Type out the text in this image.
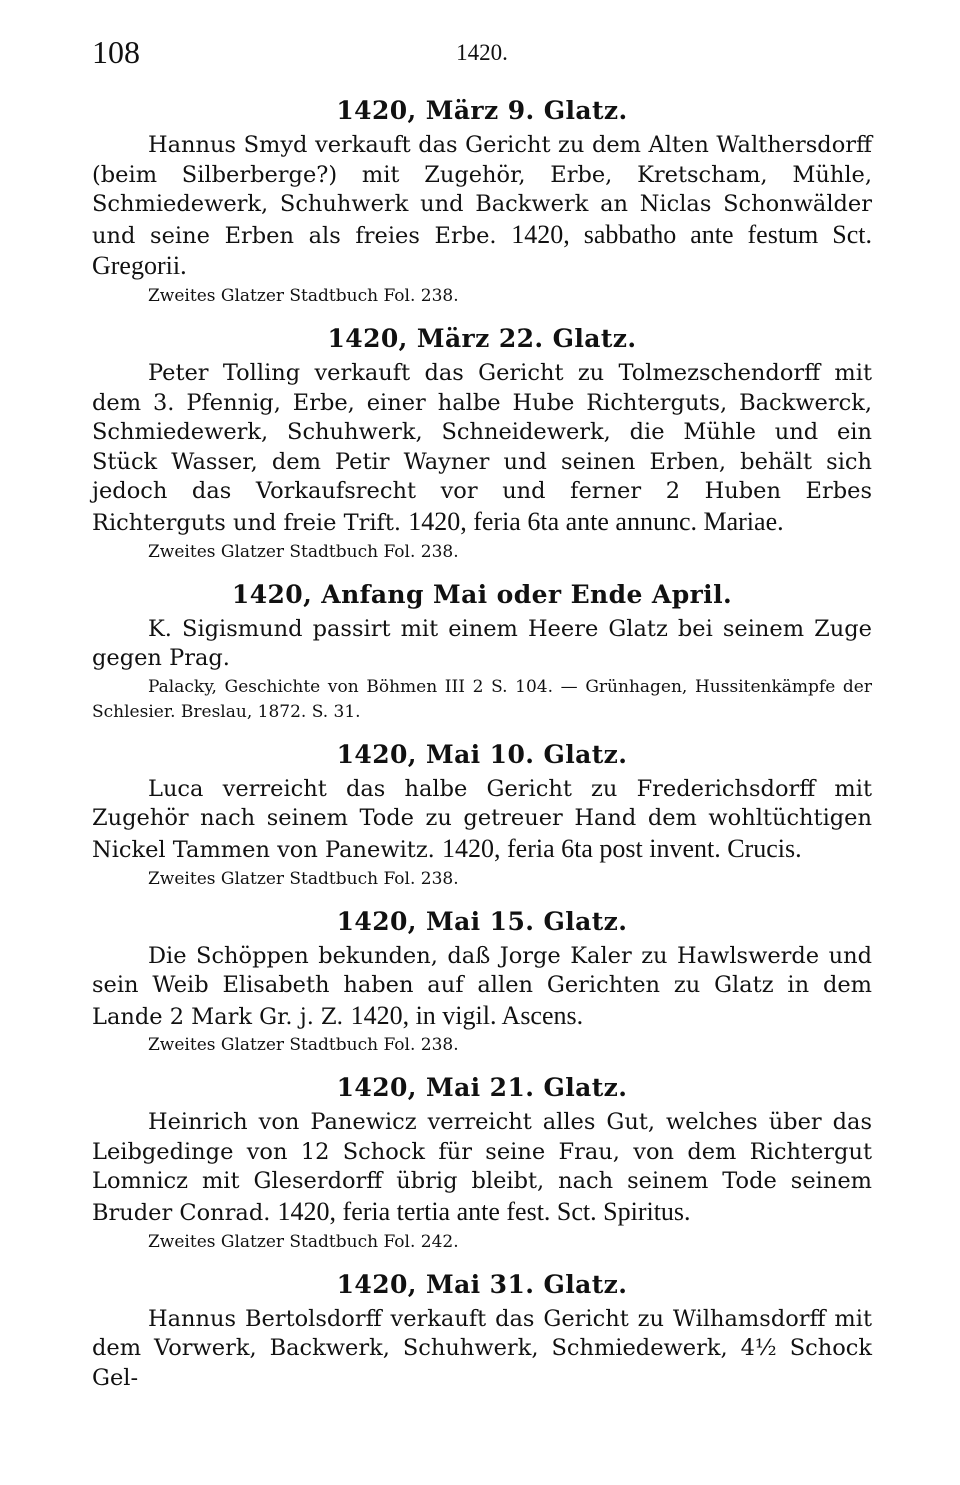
108	1420.
1420, März 9. Glatz.

Hannus Smyd verkauft das Gericht zu dem Alten Walthersdorff (beim Silberberge?) mit Zugehör, Erbe, Kretscham, Mühle, Schmiedewerk, Schuhwerk und Backwerk an Niclas Schonwälder und seine Erben als freies Erbe. 1420, sabbatho ante festum Sct. Gregorii.

Zweites Glatzer Stadtbuch Fol. 238.
1420, März 22. Glatz.

Peter Tolling verkauft das Gericht zu Tolmezschendorff mit dem 3. Pfennig, Erbe, einer halbe Hube Richterguts, Backwerck, Schmiedewerk, Schuhwerk, Schneidewerk, die Mühle und ein Stück Wasser, dem Petir Wayner und seinen Erben, behält sich jedoch das Vorkaufsrecht vor und ferner 2 Huben Erbes Richterguts und freie Trift. 1420, feria 6ta ante annunc. Mariae.

Zweites Glatzer Stadtbuch Fol. 238.
1420, Anfang Mai oder Ende April.

K. Sigismund passirt mit einem Heere Glatz bei seinem Zuge gegen Prag.

Palacky, Geschichte von Böhmen III 2 S. 104. — Grünhagen, Hussitenkämpfe der Schlesier. Breslau, 1872. S. 31.
1420, Mai 10. Glatz.

Luca verreicht das halbe Gericht zu Frederichsdorff mit Zugehör nach seinem Tode zu getreuer Hand dem wohltüchtigen Nickel Tammen von Panewitz. 1420, feria 6ta post invent. Crucis.

Zweites Glatzer Stadtbuch Fol. 238.
1420, Mai 15. Glatz.

Die Schöppen bekunden, daß Jorge Kaler zu Hawlswerde und sein Weib Elisabeth haben auf allen Gerichten zu Glatz in dem Lande 2 Mark Gr. j. Z. 1420, in vigil. Ascens.

Zweites Glatzer Stadtbuch Fol. 238.
1420, Mai 21. Glatz.

Heinrich von Panewicz verreicht alles Gut, welches über das Leibgedinge von 12 Schock für seine Frau, von dem Richtergut Lomnicz mit Gleserdorff übrig bleibt, nach seinem Tode seinem Bruder Conrad. 1420, feria tertia ante fest. Sct. Spiritus.

Zweites Glatzer Stadtbuch Fol. 242.
1420, Mai 31. Glatz.

Hannus Bertolsdorff verkauft das Gericht zu Wilhamsdorff mit dem Vorwerk, Backwerk, Schuhwerk, Schmiedewerk, 4½ Schock Gel-
